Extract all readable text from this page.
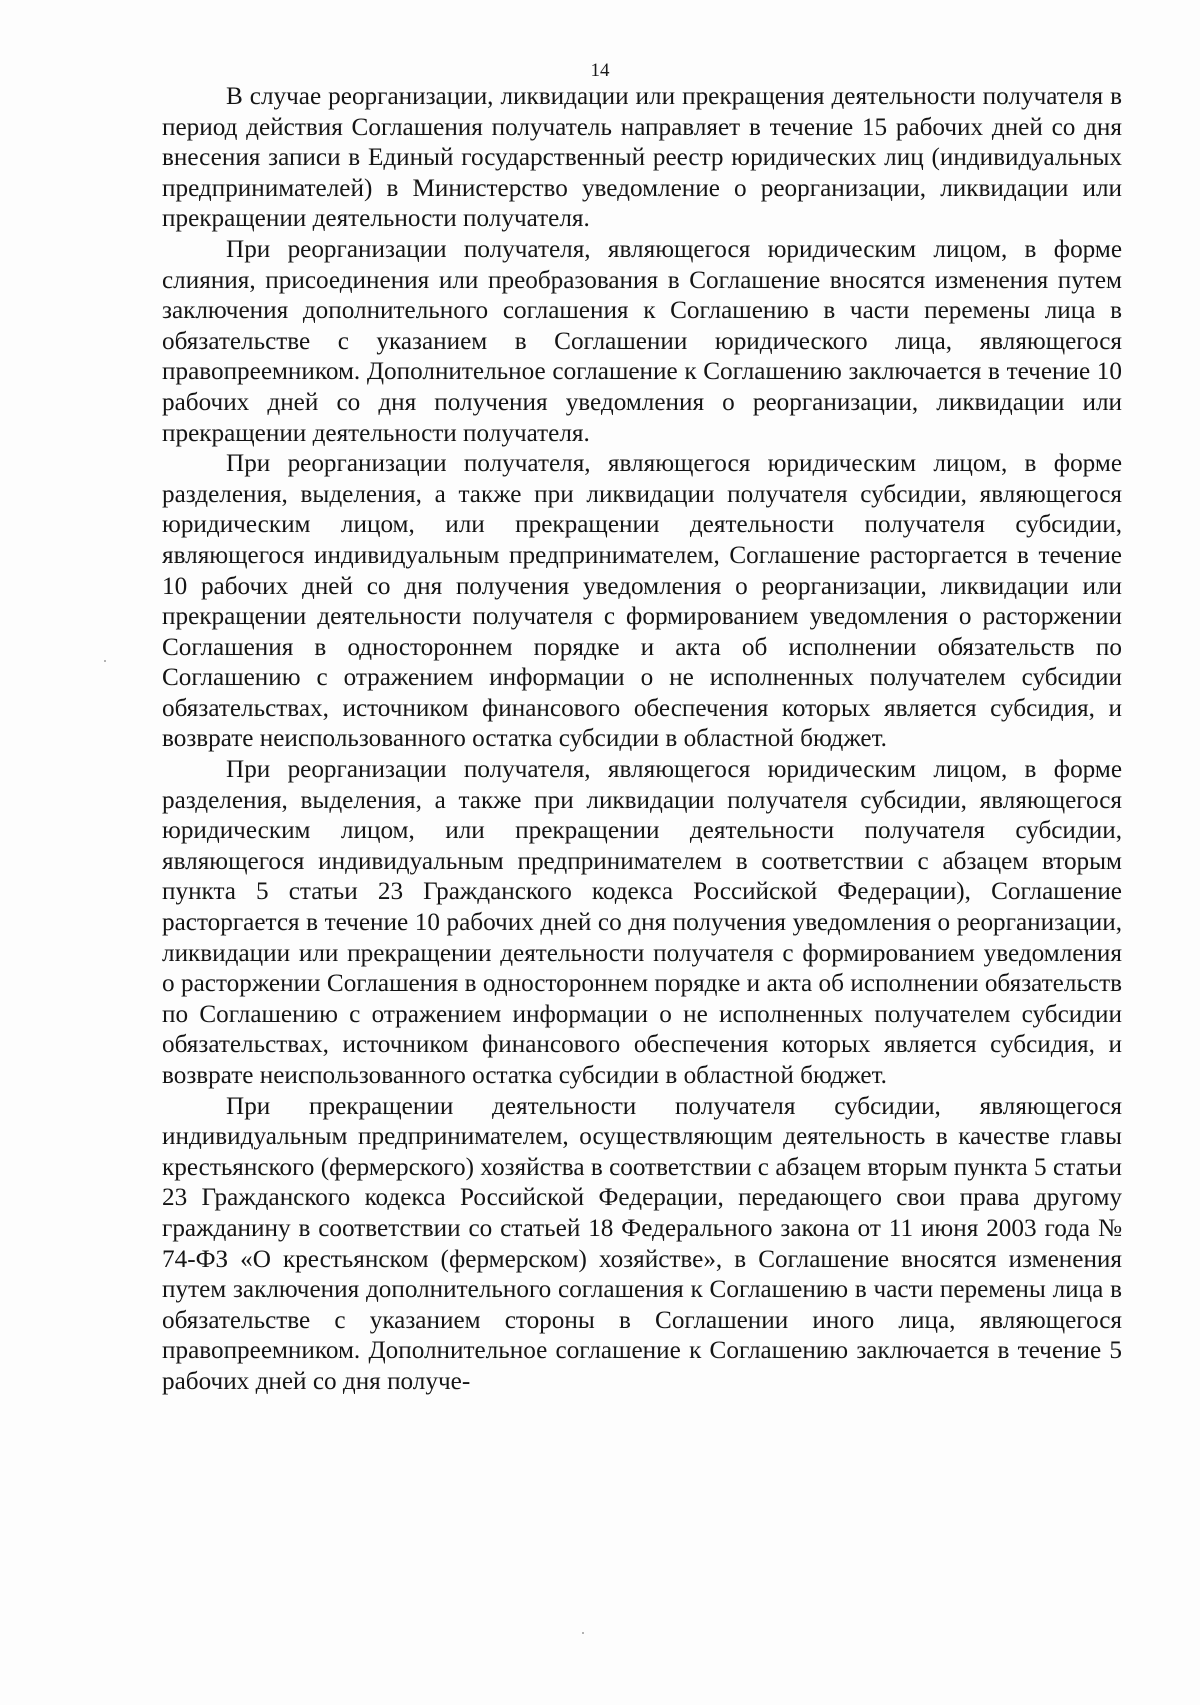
14

В случае реорганизации, ликвидации или прекращения деятельности получателя в период действия Соглашения получатель направляет в течение 15 рабочих дней со дня внесения записи в Единый государственный реестр юридических лиц (индивидуальных предпринимателей) в Министерство уведомление о реорганизации, ликвидации или прекращении деятельности получателя.

При реорганизации получателя, являющегося юридическим лицом, в форме слияния, присоединения или преобразования в Соглашение вносятся изменения путем заключения дополнительного соглашения к Соглашению в части перемены лица в обязательстве с указанием в Соглашении юридического лица, являющегося правопреемником. Дополнительное соглашение к Соглашению заключается в течение 10 рабочих дней со дня получения уведомления о реорганизации, ликвидации или прекращении деятельности получателя.

При реорганизации получателя, являющегося юридическим лицом, в форме разделения, выделения, а также при ликвидации получателя субсидии, являющегося юридическим лицом, или прекращении деятельности получателя субсидии, являющегося индивидуальным предпринимателем, Соглашение расторгается в течение 10 рабочих дней со дня получения уведомления о реорганизации, ликвидации или прекращении деятельности получателя с формированием уведомления о расторжении Соглашения в одностороннем порядке и акта об исполнении обязательств по Соглашению с отражением информации о не исполненных получателем субсидии обязательствах, источником финансового обеспечения которых является субсидия, и возврате неиспользованного остатка субсидии в областной бюджет.

При реорганизации получателя, являющегося юридическим лицом, в форме разделения, выделения, а также при ликвидации получателя субсидии, являющегося юридическим лицом, или прекращении деятельности получателя субсидии, являющегося индивидуальным предпринимателем в соответствии с абзацем вторым пункта 5 статьи 23 Гражданского кодекса Российской Федерации), Соглашение расторгается в течение 10 рабочих дней со дня получения уведомления о реорганизации, ликвидации или прекращении деятельности получателя с формированием уведомления о расторжении Соглашения в одностороннем порядке и акта об исполнении обязательств по Соглашению с отражением информации о не исполненных получателем субсидии обязательствах, источником финансового обеспечения которых является субсидия, и возврате неиспользованного остатка субсидии в областной бюджет.

При прекращении деятельности получателя субсидии, являющегося индивидуальным предпринимателем, осуществляющим деятельность в качестве главы крестьянского (фермерского) хозяйства в соответствии с абзацем вторым пункта 5 статьи 23 Гражданского кодекса Российской Федерации, передающего свои права другому гражданину в соответствии со статьей 18 Федерального закона от 11 июня 2003 года № 74-ФЗ «О крестьянском (фермерском) хозяйстве», в Соглашение вносятся изменения путем заключения дополнительного соглашения к Соглашению в части перемены лица в обязательстве с указанием стороны в Соглашении иного лица, являющегося правопреемником. Дополнительное соглашение к Соглашению заключается в течение 5 рабочих дней со дня получе-
